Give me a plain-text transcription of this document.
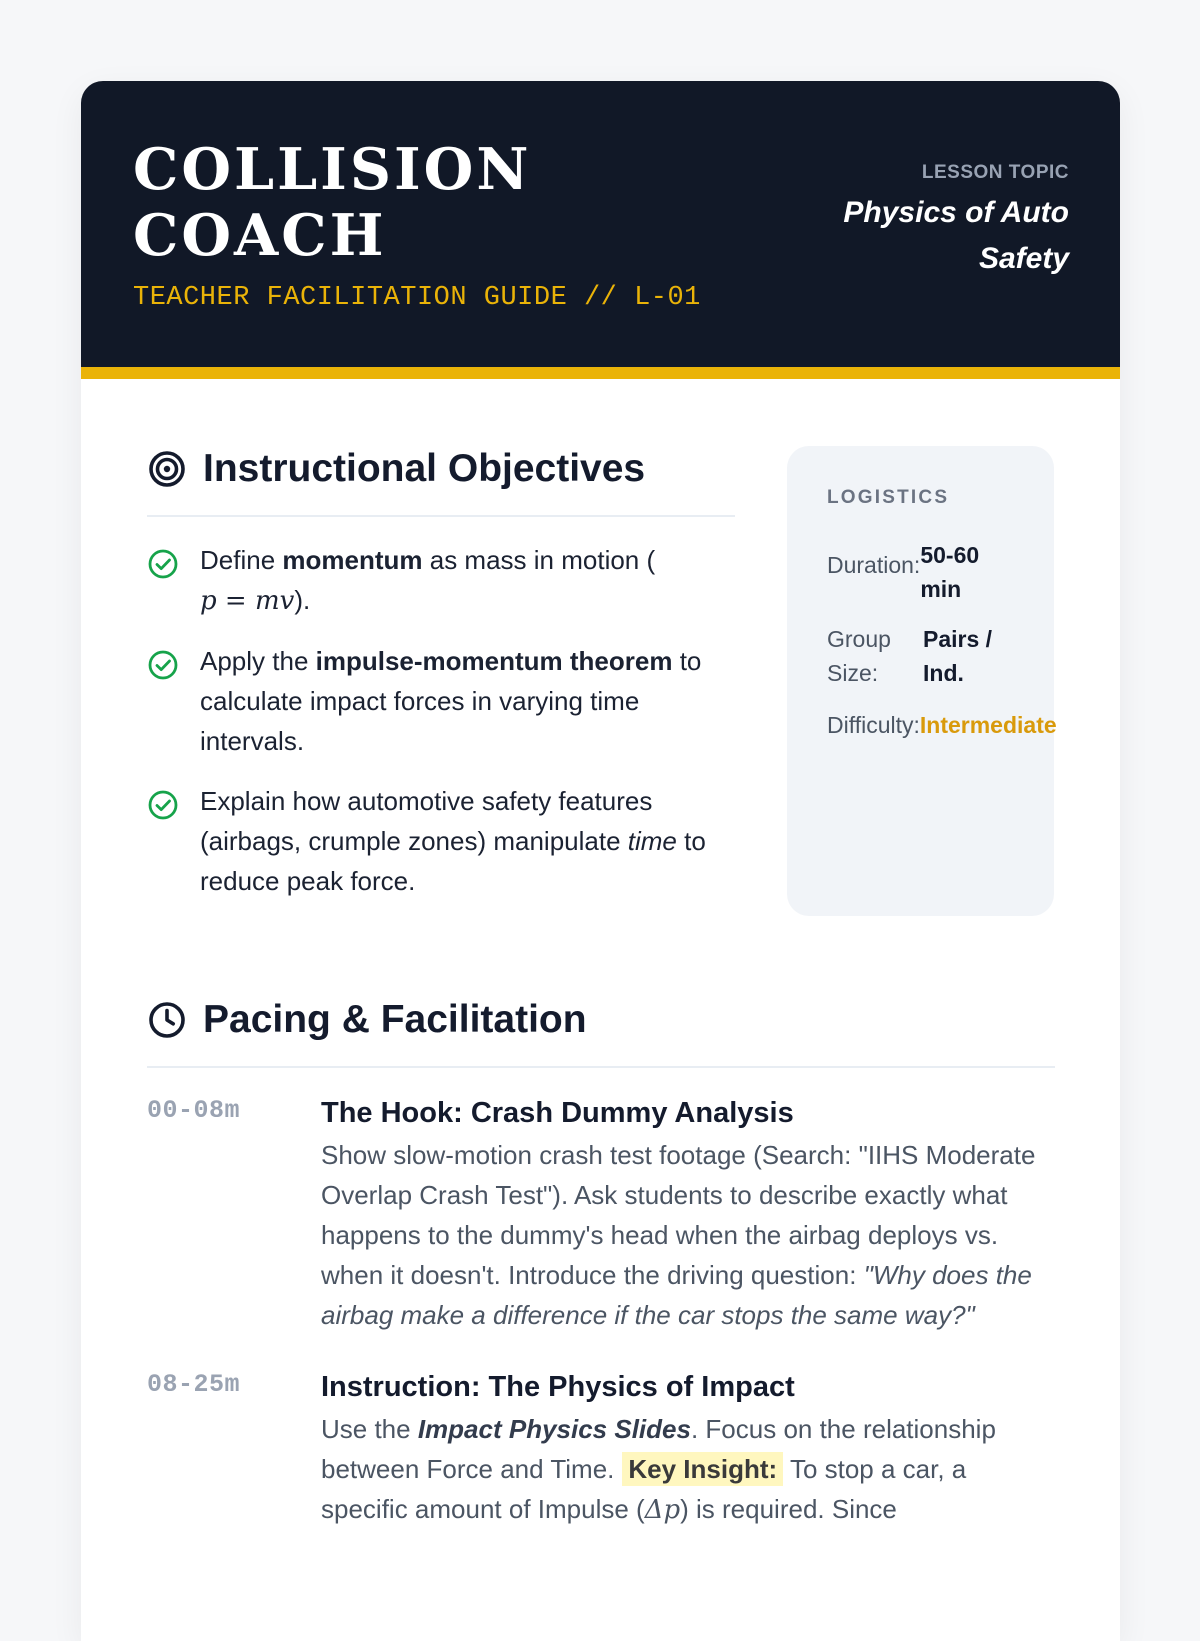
COLLISION
COACH
TEACHER FACILITATION GUIDE // L-01
LESSON TOPIC
Physics of Auto
Safety
Instructional Objectives
Define momentum as mass in motion (
p = mv).
Apply the impulse-momentum theorem to calculate impact forces in varying time intervals.
Explain how automotive safety features (airbags, crumple zones) manipulate time to reduce peak force.
LOGISTICS
Duration: 50-60
min
Group
Size:
Pairs /
Ind.
Difficulty: Intermediate
Pacing & Facilitation
00-08m	The Hook: Crash Dummy Analysis
Show slow-motion crash test footage (Search: "IIHS Moderate Overlap Crash Test"). Ask students to describe exactly what happens to the dummy's head when the airbag deploys vs. when it doesn't. Introduce the driving question: "Why does the airbag make a difference if the car stops the same way?"
08-25m	Instruction: The Physics of Impact
Use the Impact Physics Slides. Focus on the relationship between Force and Time. Key Insight: To stop a car, a specific amount of Impulse (Δp) is required. Since
